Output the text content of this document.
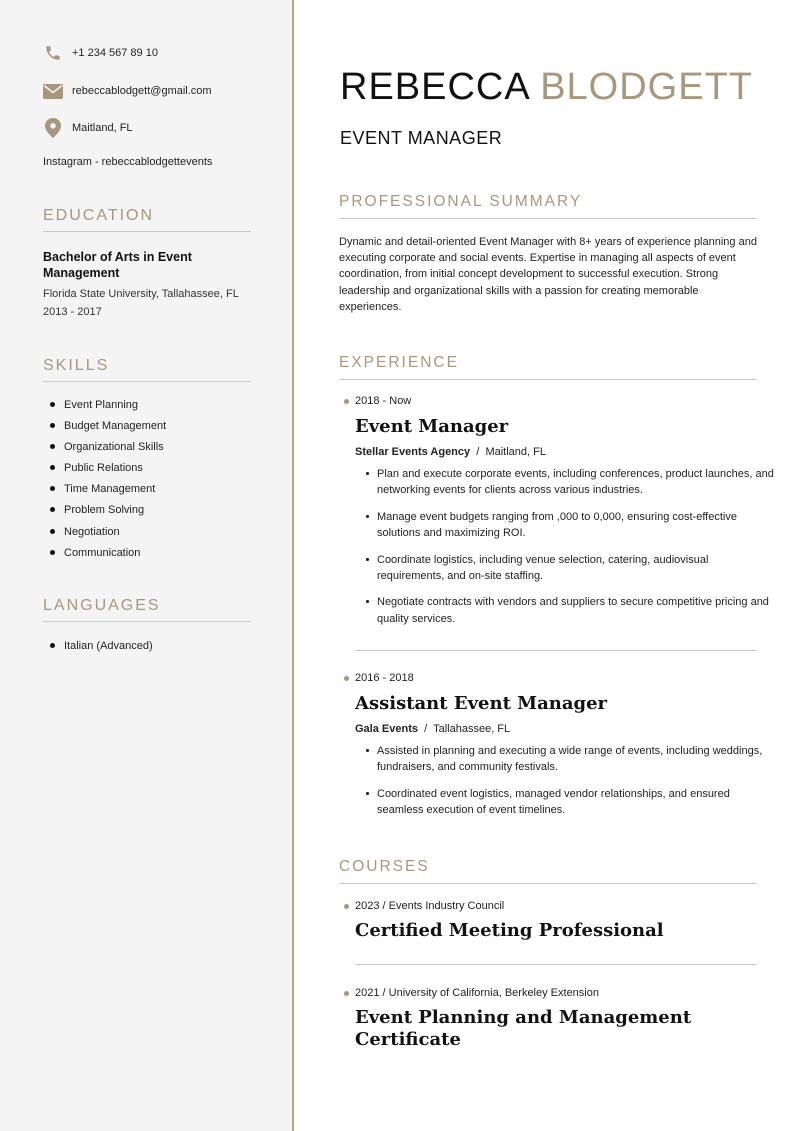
+1 234 567 89 10
rebeccablodgett@gmail.com
Maitland, FL
Instagram - rebeccablodgettevents
EDUCATION
Bachelor of Arts in Event Management
Florida State University, Tallahassee, FL
2013 - 2017
SKILLS
Event Planning
Budget Management
Organizational Skills
Public Relations
Time Management
Problem Solving
Negotiation
Communication
LANGUAGES
Italian (Advanced)
REBECCA BLODGETT
EVENT MANAGER
PROFESSIONAL SUMMARY

Dynamic and detail-oriented Event Manager with 8+ years of experience planning and executing corporate and social events. Expertise in managing all aspects of event coordination, from initial concept development to successful execution. Strong leadership and organizational skills with a passion for creating memorable experiences.

EXPERIENCE
2018 - Now
Event Manager
Stellar Events Agency / Maitland, FL
Plan and execute corporate events, including conferences, product launches, and networking events for clients across various industries.
Manage event budgets ranging from ,000 to 0,000, ensuring cost-effective solutions and maximizing ROI.
Coordinate logistics, including venue selection, catering, audiovisual requirements, and on-site staffing.
Negotiate contracts with vendors and suppliers to secure competitive pricing and quality services.
2016 - 2018
Assistant Event Manager
Gala Events / Tallahassee, FL
Assisted in planning and executing a wide range of events, including weddings, fundraisers, and community festivals.
Coordinated event logistics, managed vendor relationships, and ensured seamless execution of event timelines.
COURSES
2023
/
Events Industry Council
Certified Meeting Professional
2021
/
University of California, Berkeley Extension
Event Planning and Management Certificate
